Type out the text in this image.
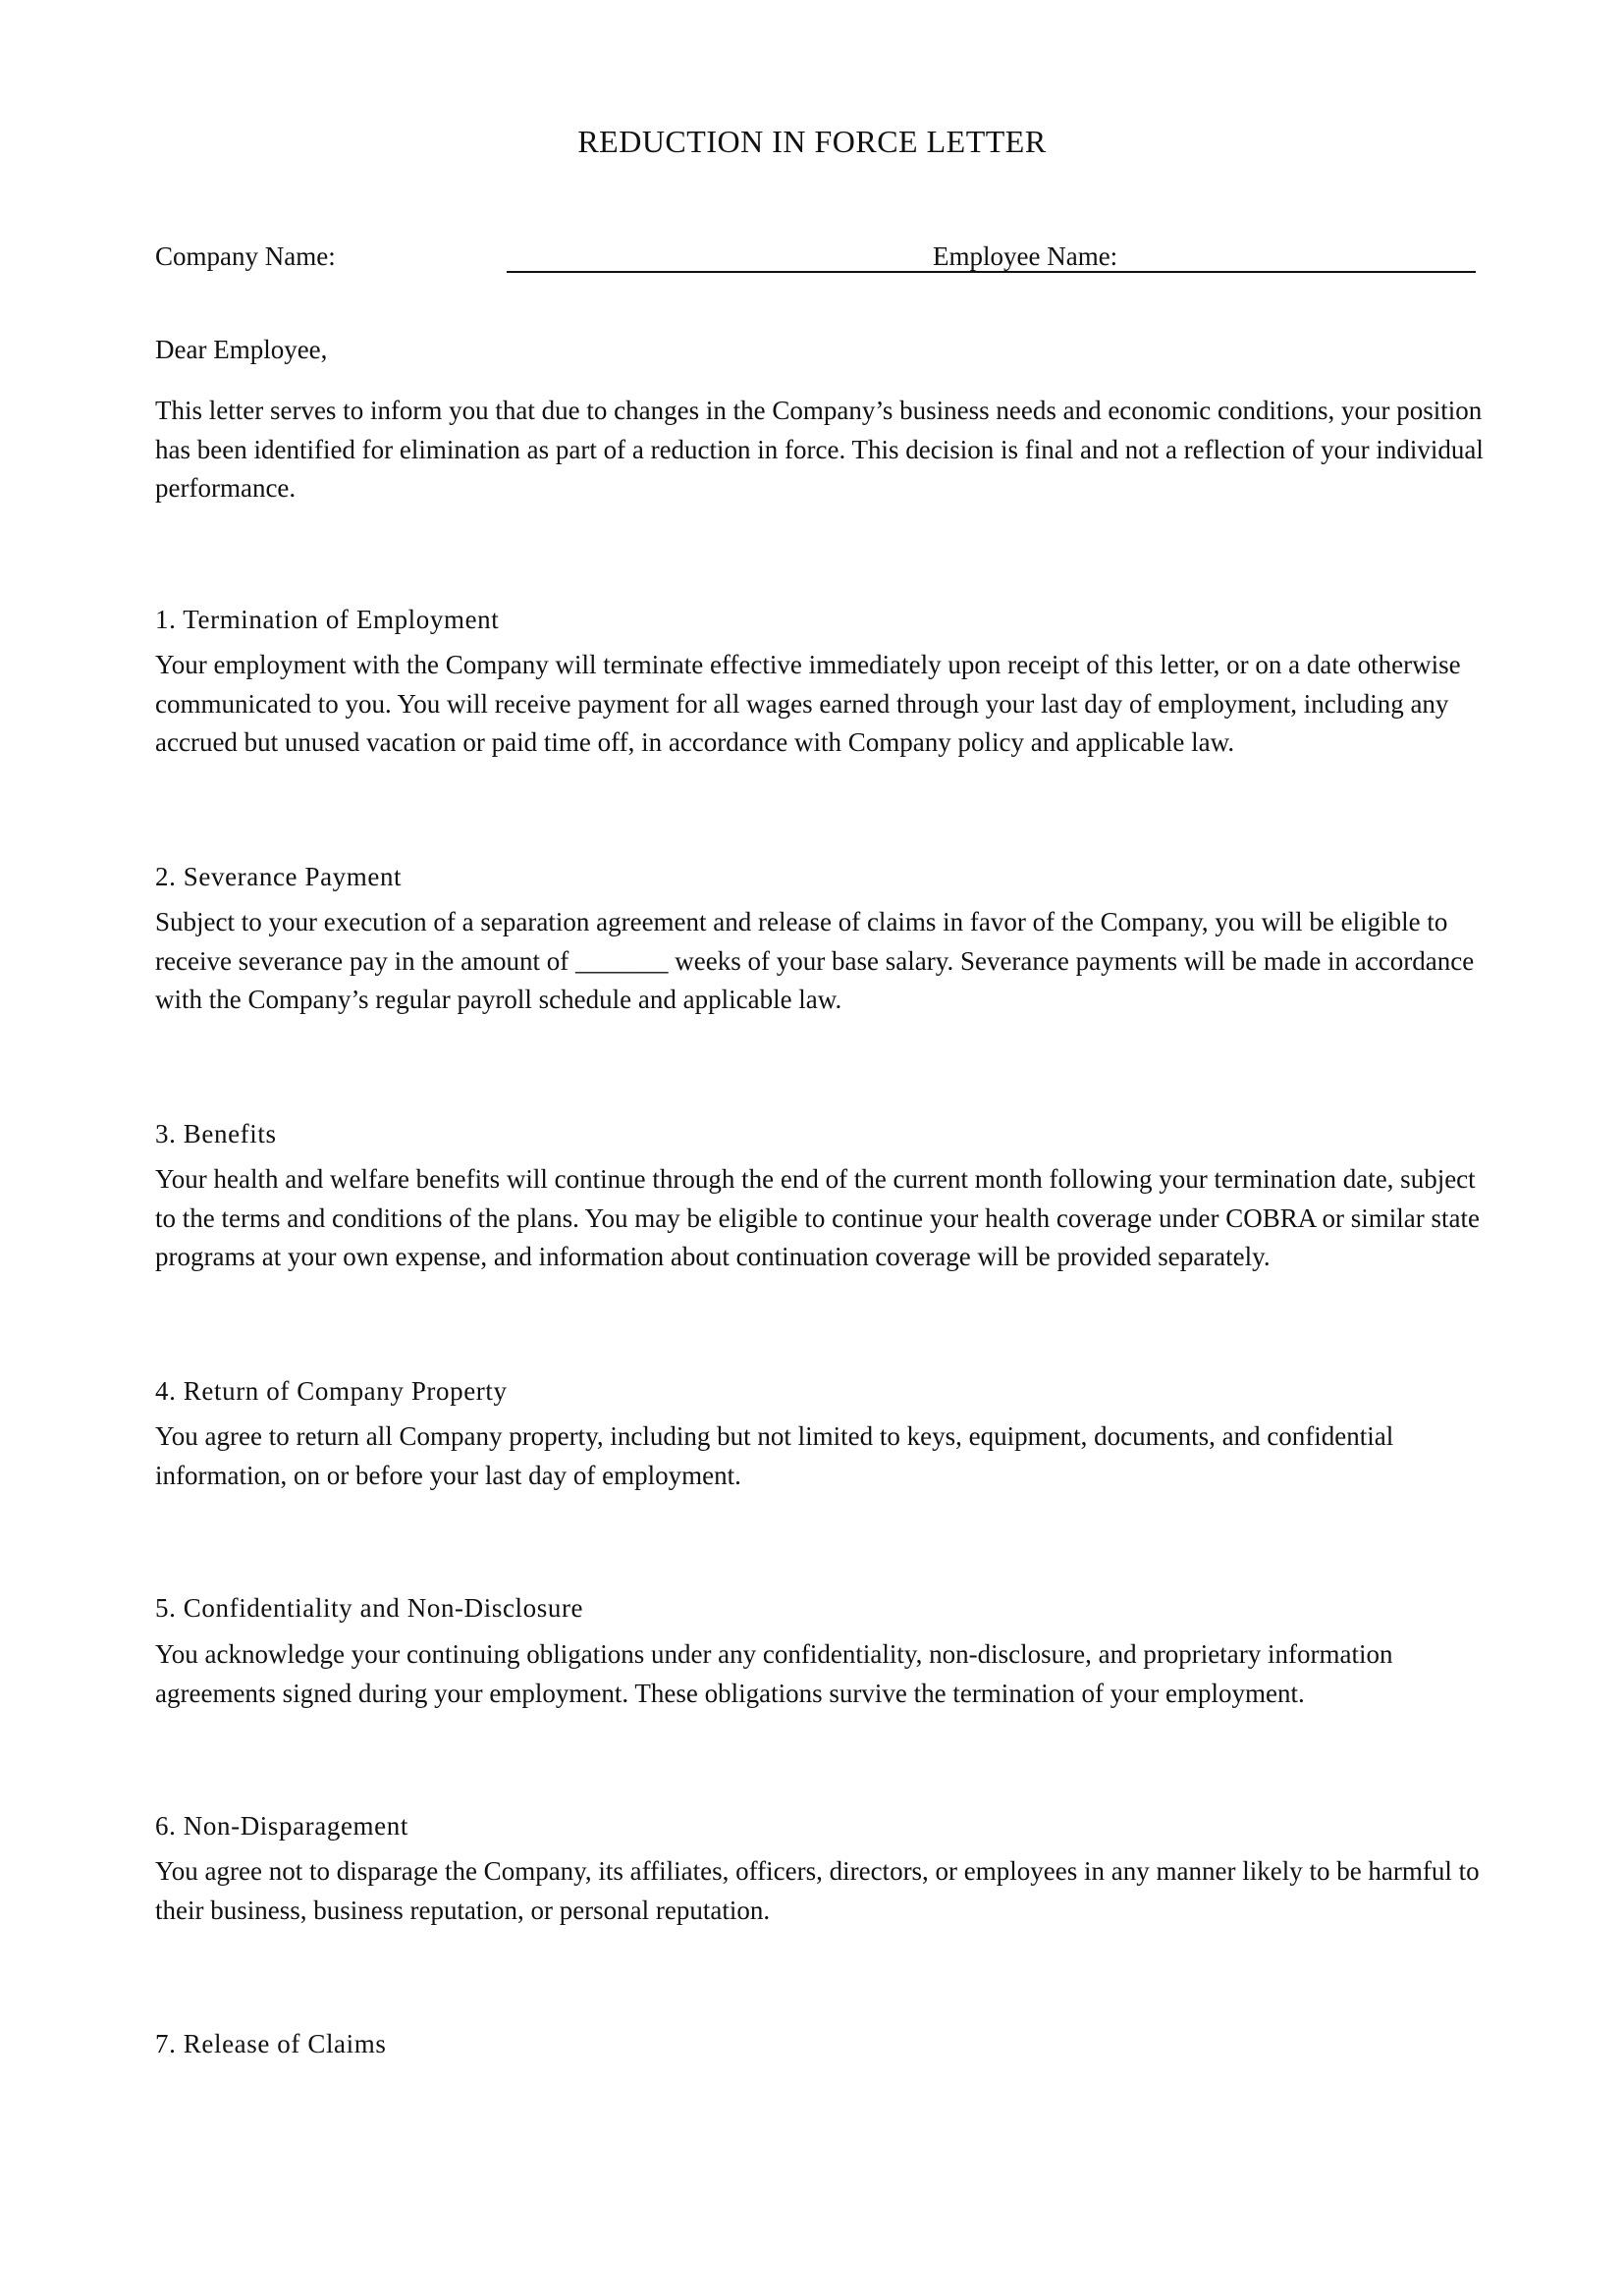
REDUCTION IN FORCE LETTER
Company Name:	Employee Name:
Dear Employee,

This letter serves to inform you that due to changes in the Company’s business needs and economic conditions, your position has been identified for elimination as part of a reduction in force. This decision is final and not a reflection of your individual performance.

1. Termination of Employment

Your employment with the Company will terminate effective immediately upon receipt of this letter, or on a date otherwise communicated to you. You will receive payment for all wages earned through your last day of employment, including any accrued but unused vacation or paid time off, in accordance with Company policy and applicable law.

2. Severance Payment

Subject to your execution of a separation agreement and release of claims in favor of the Company, you will be eligible to receive severance pay in the amount of _______ weeks of your base salary. Severance payments will be made in accordance with the Company’s regular payroll schedule and applicable law.

3. Benefits

Your health and welfare benefits will continue through the end of the current month following your termination date, subject to the terms and conditions of the plans. You may be eligible to continue your health coverage under COBRA or similar state programs at your own expense, and information about continuation coverage will be provided separately.

4. Return of Company Property

You agree to return all Company property, including but not limited to keys, equipment, documents, and confidential information, on or before your last day of employment.

5. Confidentiality and Non-Disclosure

You acknowledge your continuing obligations under any confidentiality, non-disclosure, and proprietary information agreements signed during your employment. These obligations survive the termination of your employment.

6. Non-Disparagement

You agree not to disparage the Company, its affiliates, officers, directors, or employees in any manner likely to be harmful to their business, business reputation, or personal reputation.

7. Release of Claims
